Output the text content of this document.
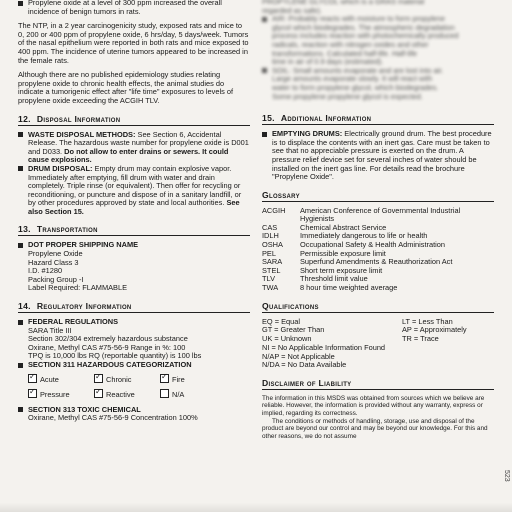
Propylene oxide at a level of 300 ppm increased the overall incidence of benign tumors in rats.

The NTP, in a 2 year carcinogenicity study, exposed rats and mice to 0, 200 or 400 ppm of propylene oxide, 6 hrs/day, 5 days/week. Tumors of the nasal epithelium were reported in both rats and mice exposed to 400 ppm. The incidence of uterine tumors appeared to be increased in the female rats.

Although there are no published epidemiology studies relating propylene oxide to chronic health effects, the animal studies do indicate a tumorigenic effect after "life time" exposures to levels of propylene oxide exceeding the ACGIH TLV.

12. Disposal Information

WASTE DISPOSAL METHODS: See Section 6, Accidental Release. The hazardous waste number for propylene oxide is D001 and D033. Do not allow to enter drains or sewers. It could cause explosions.

DRUM DISPOSAL: Empty drum may contain explosive vapor. Immediately after emptying, fill drum with water and drain completely. Triple rinse (or equivalent). Then offer for recycling or reconditioning, or puncture and dispose of in a sanitary landfill, or by other procedures approved by state and local authorities. See also Section 15.

13. Transportation

DOT PROPER SHIPPING NAME

Propylene Oxide

Hazard Class 3

I.D. #1280

Packing Group -I

Label Required: FLAMMABLE

14. Regulatory Information

FEDERAL REGULATIONS

SARA Title III

Section 302/304 extremely hazardous substance

Oxirane, Methyl CAS #75-56-9 Range in %: 100

TPQ is 10,000 lbs RQ (reportable quantity) is 100 lbs

SECTION 311 HAZARDOUS CATEGORIZATION

✓Acute ✓	Chronic ✓	Fire
✓Pressure ✓	Reactive	N/A

SECTION 313 TOXIC CHEMICAL

Oxirane, Methyl CAS #75-56-9 Concentration 100%

PROPYLENE GLYCOL which is a GRAS material

regarded as safe).

AIR: Probably reacts with moisture to form propylene

glycol which biodegrades. The atmospheric degradation

process includes reaction with photochemically produced

radicals, reaction with nitrogen oxides and other

transformations. Calculated half-life. Half-life

time in air of 0.9 days (estimated).

SOIL: Small amounts evaporate and are lost into air.

Large amounts evaporate slowly. It will react with

water to form propylene glycol, which biodegrades.

Some propylene propylene glycol is expected.

15. Additional Information

EMPTYING DRUMS: Electrically ground drum. The best procedure is to displace the contents with an inert gas. Care must be taken to see that no appreciable pressure is exerted on the drum. A pressure relief device set for several inches of water should be installed on the inert gas line. For details read the brochure "Propylene Oxide".

Glossary
ACGIH	American Conference of Governmental Industrial Hygienists
CAS	Chemical Abstract Service
IDLH	Immediately dangerous to life or health
OSHA	Occupational Safety & Health Administration
PEL	Permissible exposure limit
SARA	Superfund Amendments & Reauthorization Act
STEL	Short term exposure limit
TLV	Threshold limit value
TWA	8 hour time weighted average
Qualifications
EQ = Equal	LT = Less Than
GT = Greater Than	AP = Approximately
UK = Unknown	TR = Trace

NI = No Applicable Information Found

N/AP = Not Applicable

N/DA = No Data Available

Disclaimer of Liability

The information in this MSDS was obtained from sources which we believe are reliable. However, the information is provided without any warranty, express or implied, regarding its correctness.

The conditions or methods of handling, storage, use and disposal of the product are beyond our control and may be beyond our knowledge. For this and other reasons, we do not assume

523
